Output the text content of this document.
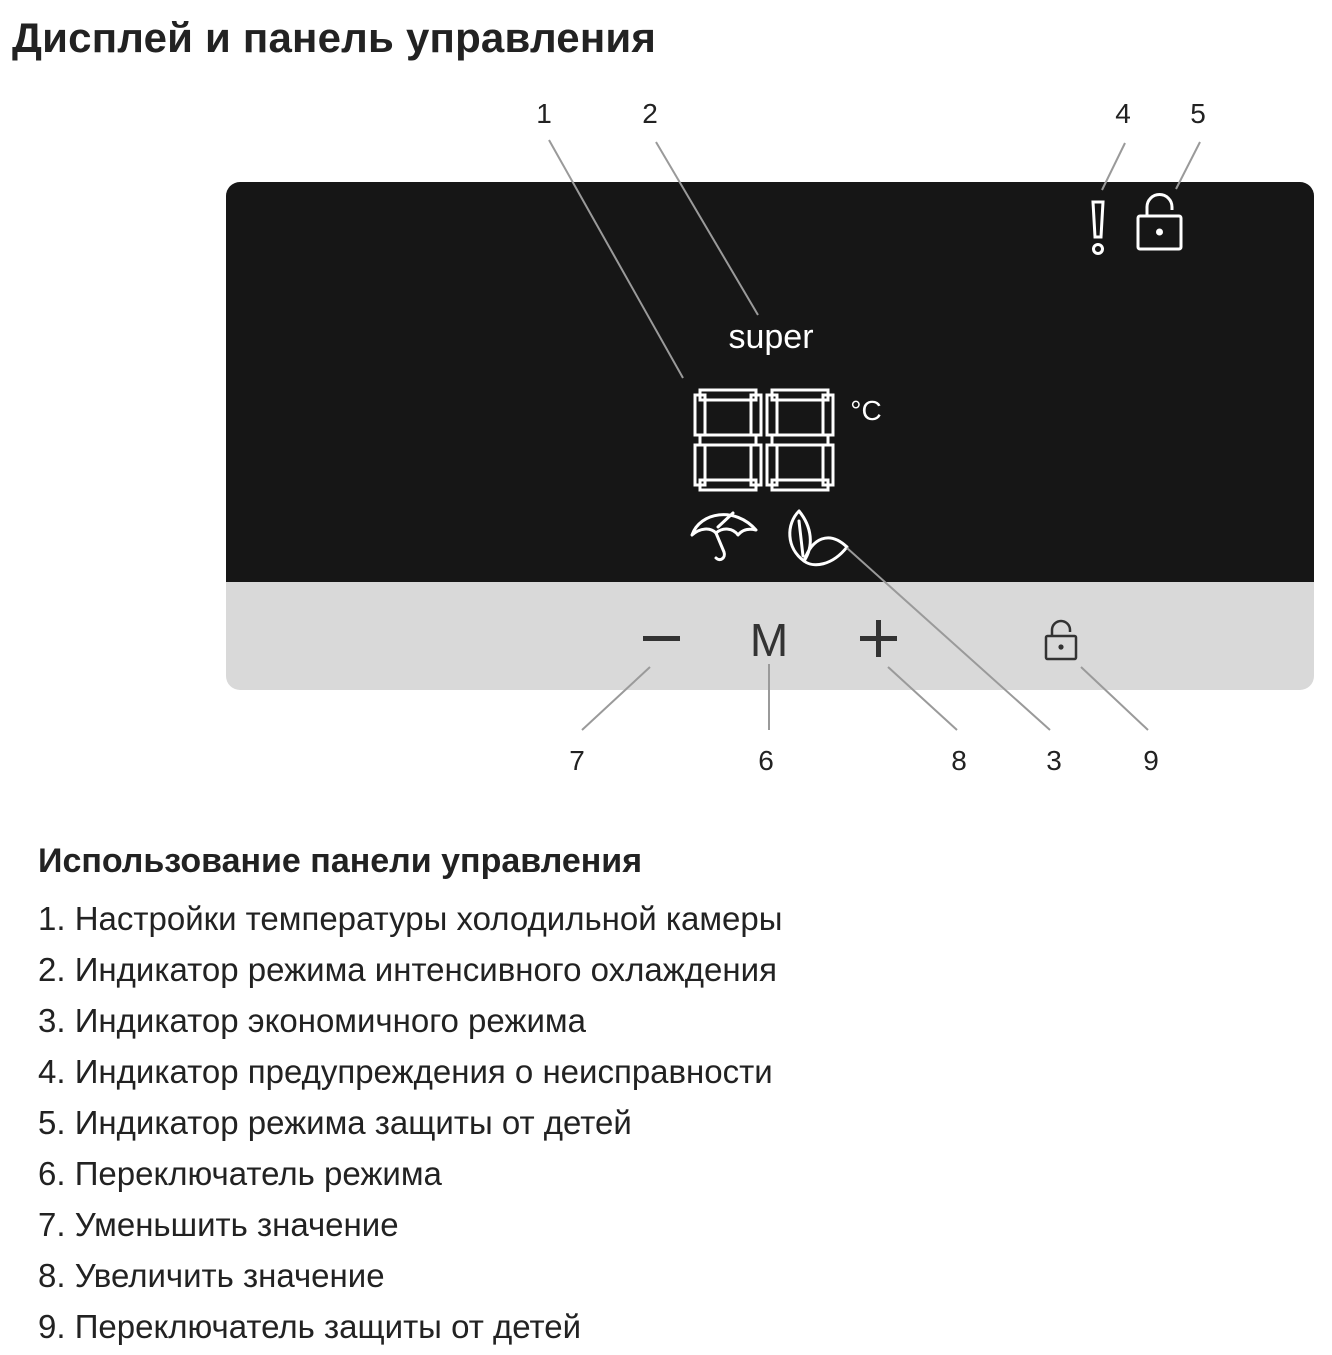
Дисплей и панель управления
super
°C
M
1	2	4	5
7	6	8	3	9
Использование панели управления
1. Настройки температуры холодильной камеры
2. Индикатор режима интенсивного охлаждения
3. Индикатор экономичного режима
4. Индикатор предупреждения о неисправности
5. Индикатор режима защиты от детей
6. Переключатель режима
7. Уменьшить значение
8. Увеличить значение
9. Переключатель защиты от детей
